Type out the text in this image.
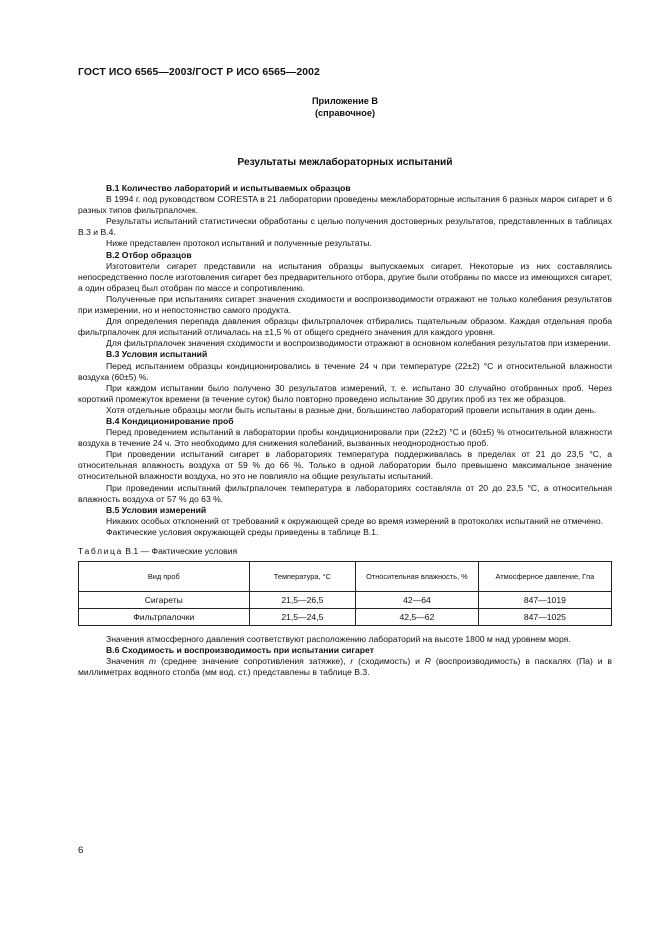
ГОСТ ИСО 6565—2003/ГОСТ Р ИСО 6565—2002
Приложение В
(справочное)
Результаты межлабораторных испытаний
В.1 Количество лабораторий и испытываемых образцов

В 1994 г. под руководством CORESTA в 21 лаборатории проведены межлабораторные испытания 6 разных марок сигарет и 6 разных типов фильтрпалочек.

Результаты испытаний статистически обработаны с целью получения достоверных результатов, представленных в таблицах В.3 и В.4.

Ниже представлен протокол испытаний и полученные результаты.

В.2 Отбор образцов

Изготовители сигарет представили на испытания образцы выпускаемых сигарет. Некоторые из них составлялись непосредственно после изготовления сигарет без предварительного отбора, другие были отобраны по массе из имеющихся сигарет, а один образец был отобран по массе и сопротивлению.

Полученные при испытаниях сигарет значения сходимости и воспроизводимости отражают не только колебания результатов при измерении, но и непостоянство самого продукта.

Для определения перепада давления образцы фильтрпалочек отбирались тщательным образом. Каждая отдельная проба фильтрпалочек для испытаний отличалась на ±1,5 % от общего среднего значения для каждого уровня.

Для фильтрпалочек значения сходимости и воспроизводимости отражают в основном колебания результатов при измерении.

В.3 Условия испытаний

Перед испытанием образцы кондиционировались в течение 24 ч при температуре (22±2) °С и относительной влажности воздуха (60±5) %.

При каждом испытании было получено 30 результатов измерений, т. е. испытано 30 случайно отобранных проб. Через короткий промежуток времени (в течение суток) было повторно проведено испытание 30 других проб из тех же образцов.

Хотя отдельные образцы могли быть испытаны в разные дни, большинство лабораторий провели испытания в один день.

В.4 Кондиционирование проб

Перед проведением испытаний в лаборатории пробы кондиционировали при (22±2) °С и (60±5) % относительной влажности воздуха в течение 24 ч. Это необходимо для снижения колебаний, вызванных неоднородностью проб.

При проведении испытаний сигарет в лабораториях температура поддерживалась в пределах от 21 до 23,5 °С, а относительная влажность воздуха от 59 % до 66 %. Только в одной лаборатории было превышено максимальное значение относительной влажности воздуха, но это не повлияло на общие результаты испытаний.

При проведении испытаний фильтрпалочек температура в лабораториях составляла от 20 до 23,5 °С, а относительная влажность воздуха от 57 % до 63 %.

В.5 Условия измерений

Никаких особых отклонений от требований к окружающей среде во время измерений в протоколах испытаний не отмечено.

Фактические условия окружающей среды приведены в таблице В.1.

Таблица В.1 — Фактические условия

Вид проб	Температура, °С	Относительная влажность, %	Атмосферное давление, Гпа
Сигареты	21,5—26,5	42—64	847—1019
Фильтрпалочки	21,5—24,5	42,5—62	847—1025

Значения атмосферного давления соответствуют расположению лабораторий на высоте 1800 м над уровнем моря.

В.6 Сходимость и воспроизводимость при испытании сигарет

Значения m (среднее значение сопротивления затяжке), r (сходимость) и R (воспроизводимость) в паскалях (Па) и в миллиметрах водяного столба (мм вод. ст.) представлены в таблице В.3.

6
